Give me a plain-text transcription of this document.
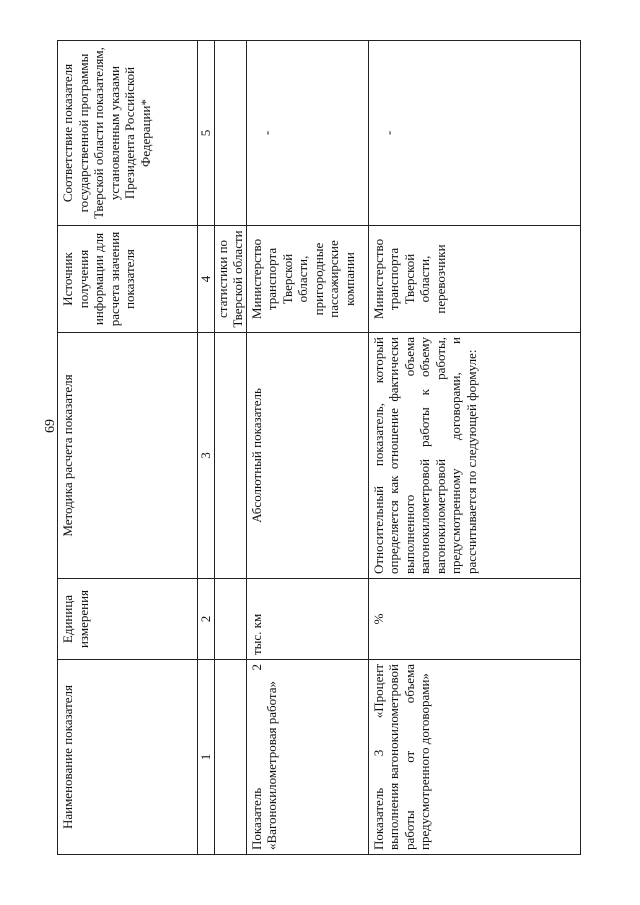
69
Наименование показателя	Единица измерения	Методика расчета показателя	Источник получения информации для расчета значения показателя	Соответствие показателя государственной программы Тверской области показателям, установленным указами Президента Российской Федерации*
1	2	3	4	5
			статистики по Тверской области	
Показатель 2 «Вагонокилометровая работа»	тыс. км	Абсолютный показатель	Министерство транспорта Тверской области, пригородные пассажирские компании	-
Показатель 3 «Процент выполнения вагонокилометровой работы от объема предусмотренного договорами»	%	Относительный показатель, который определяется как отношение фактически выполненного объема вагонокилометровой работы к объему вагонокилометровой работы, предусмотренному договорами, и рассчитывается по следующей формуле:	Министерство транспорта Тверской области, перевозчики	-
